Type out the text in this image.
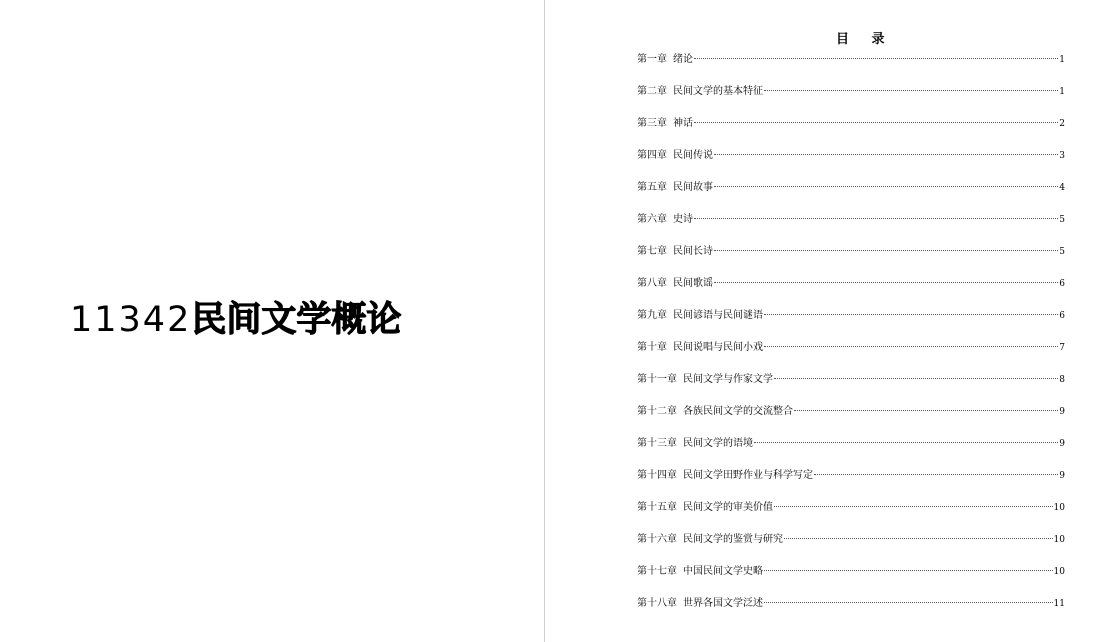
11342民间文学概论
目 录
第一章 绪论	1
第二章 民间文学的基本特征	1
第三章 神话	2
第四章 民间传说	3
第五章 民间故事	4
第六章 史诗	5
第七章 民间长诗	5
第八章 民间歌谣	6
第九章 民间谚语与民间谜语	6
第十章 民间说唱与民间小戏	7
第十一章 民间文学与作家文学	8
第十二章 各族民间文学的交流整合	9
第十三章 民间文学的语境	9
第十四章 民间文学田野作业与科学写定	9
第十五章 民间文学的审美价值	10
第十六章 民间文学的鉴赏与研究	10
第十七章 中国民间文学史略	10
第十八章 世界各国文学泛述	11
